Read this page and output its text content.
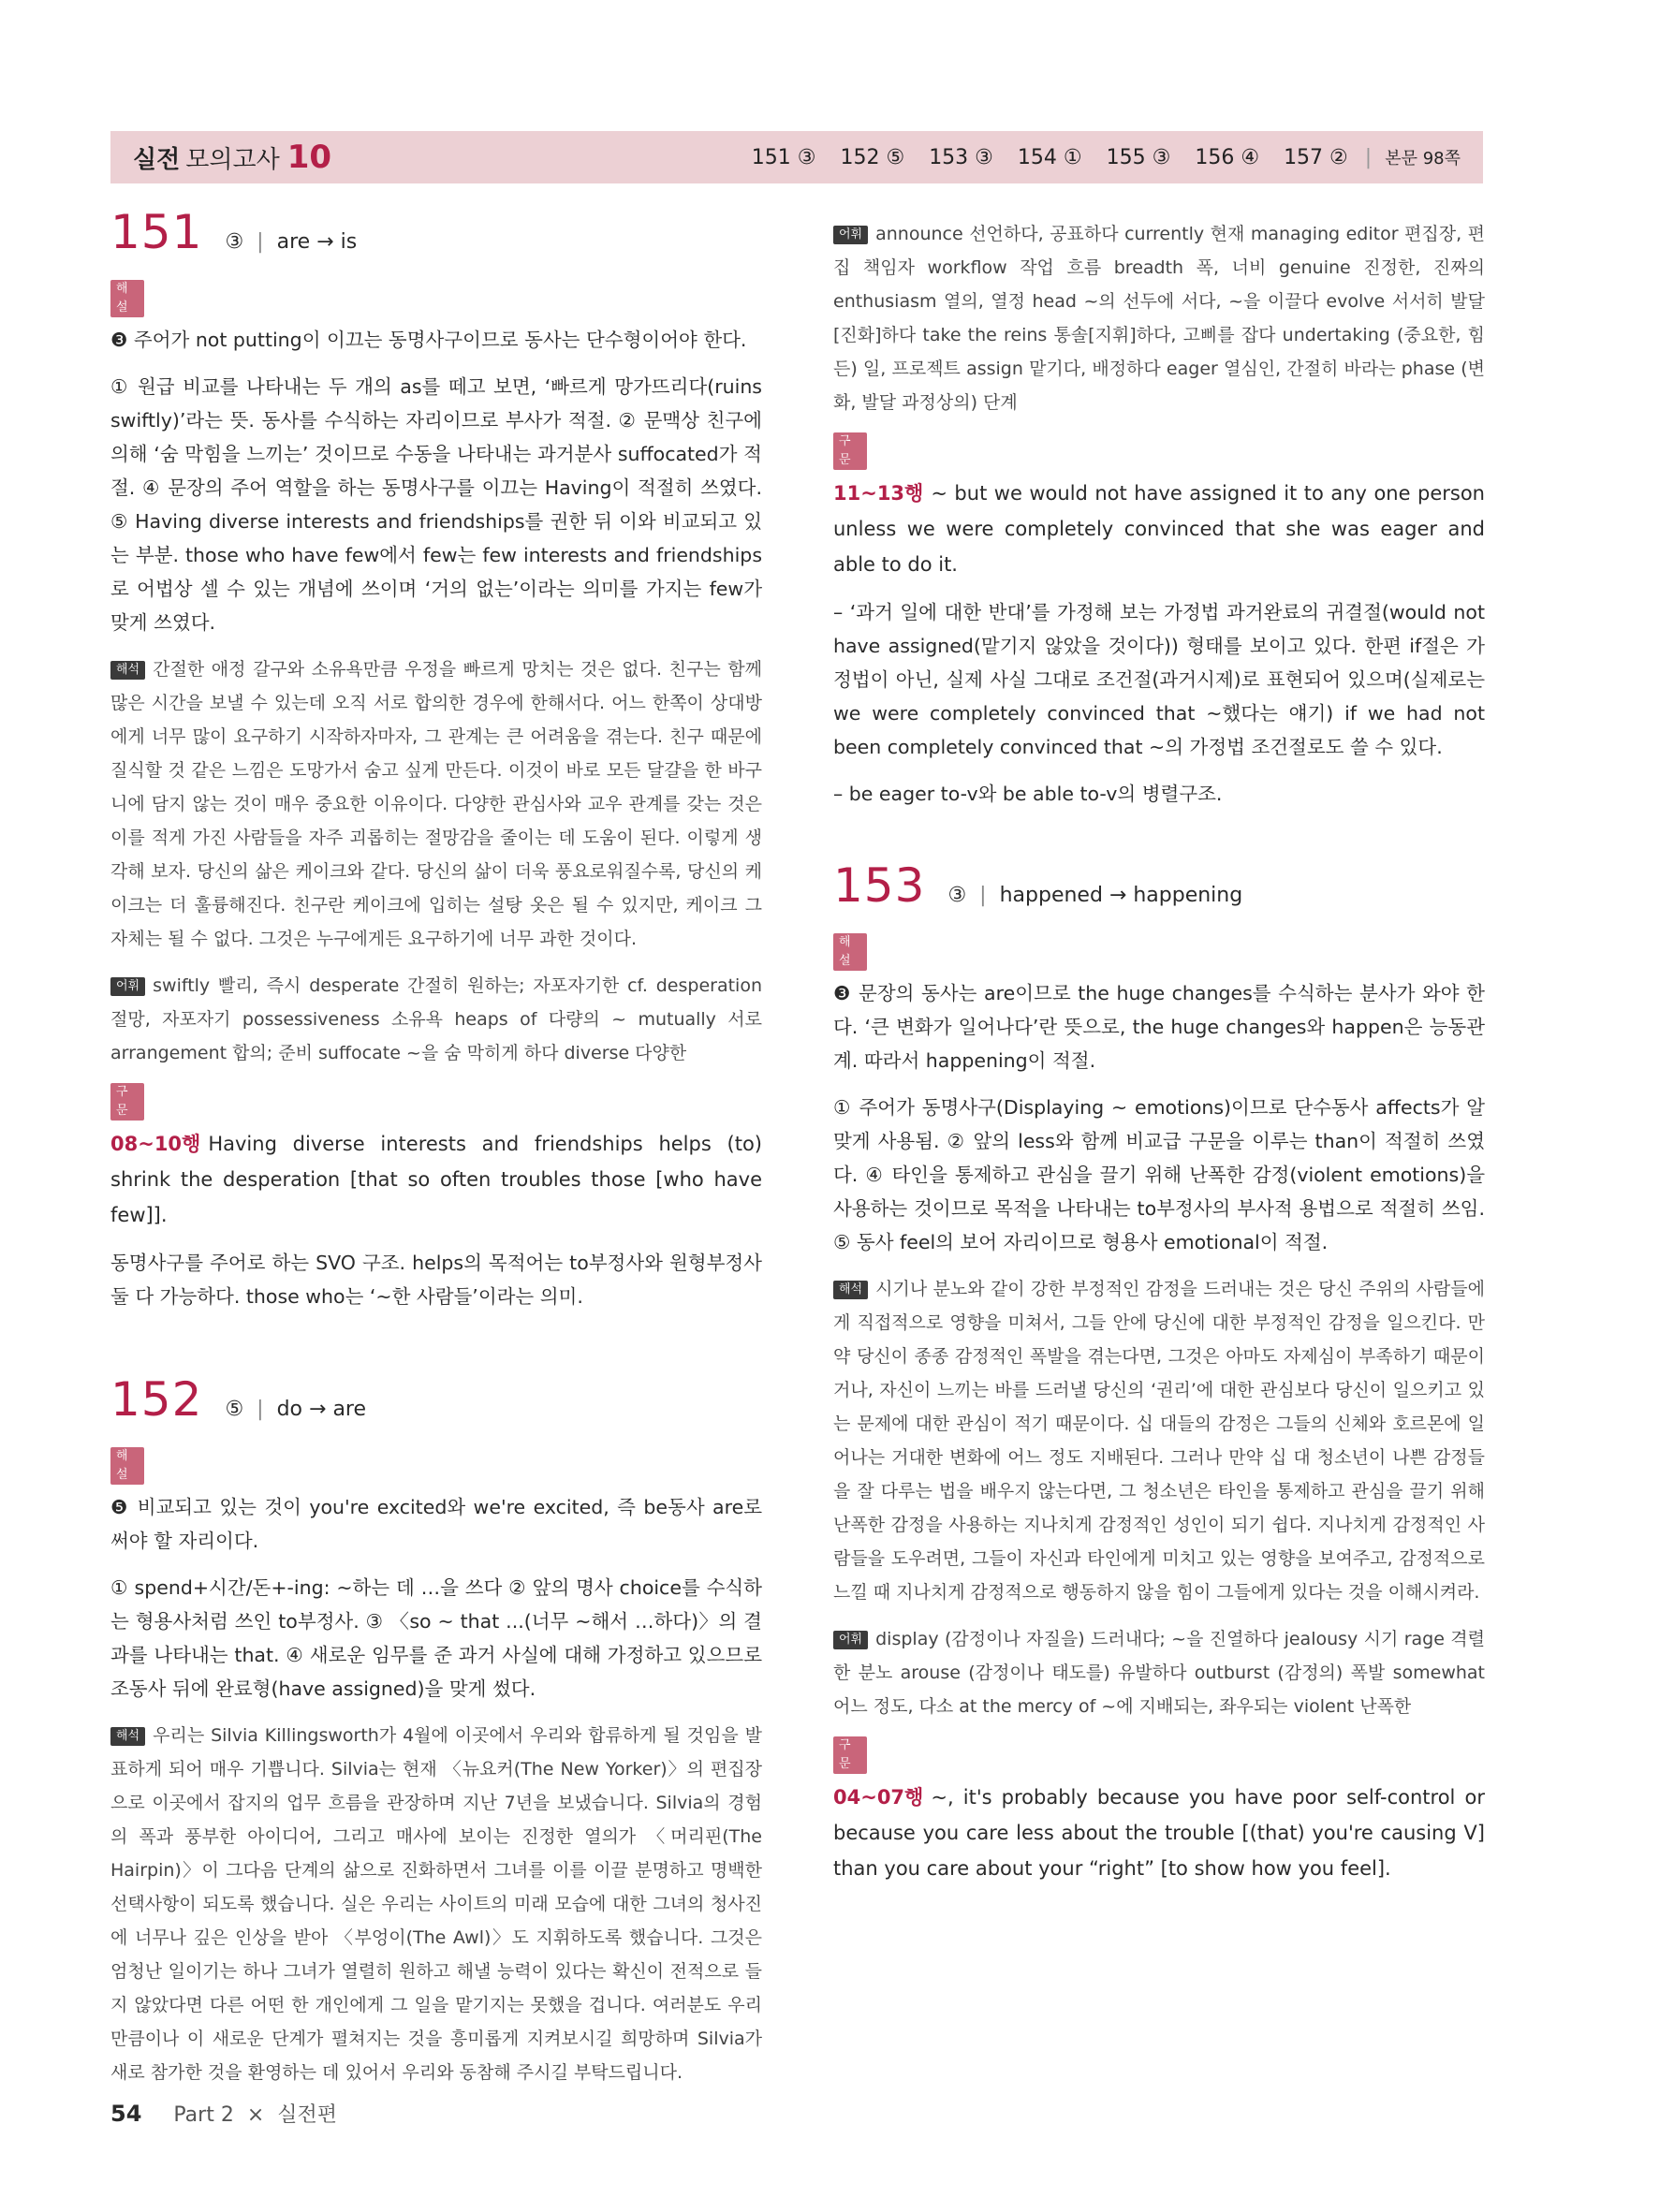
실전 모의고사 10	151 ③ 152 ⑤ 153 ③ 154 ① 155 ③ 156 ④ 157 ② | 본문 98쪽
151 ③ | are → is
해설

❸ 주어가 not putting이 이끄는 동명사구이므로 동사는 단수형이어야 한다.

① 원급 비교를 나타내는 두 개의 as를 떼고 보면, ‘빠르게 망가뜨리다(ruins swiftly)’라는 뜻. 동사를 수식하는 자리이므로 부사가 적절. ② 문맥상 친구에 의해 ‘숨 막힘을 느끼는’ 것이므로 수동을 나타내는 과거분사 suffocated가 적절. ④ 문장의 주어 역할을 하는 동명사구를 이끄는 Having이 적절히 쓰였다. ⑤ Having diverse interests and friendships를 권한 뒤 이와 비교되고 있는 부분. those who have few에서 few는 few interests and friendships로 어법상 셀 수 있는 개념에 쓰이며 ‘거의 없는’이라는 의미를 가지는 few가 맞게 쓰였다.

해석 간절한 애정 갈구와 소유욕만큼 우정을 빠르게 망치는 것은 없다. 친구는 함께 많은 시간을 보낼 수 있는데 오직 서로 합의한 경우에 한해서다. 어느 한쪽이 상대방에게 너무 많이 요구하기 시작하자마자, 그 관계는 큰 어려움을 겪는다. 친구 때문에 질식할 것 같은 느낌은 도망가서 숨고 싶게 만든다. 이것이 바로 모든 달걀을 한 바구니에 담지 않는 것이 매우 중요한 이유이다. 다양한 관심사와 교우 관계를 갖는 것은 이를 적게 가진 사람들을 자주 괴롭히는 절망감을 줄이는 데 도움이 된다. 이렇게 생각해 보자. 당신의 삶은 케이크와 같다. 당신의 삶이 더욱 풍요로워질수록, 당신의 케이크는 더 훌륭해진다. 친구란 케이크에 입히는 설탕 옷은 될 수 있지만, 케이크 그 자체는 될 수 없다. 그것은 누구에게든 요구하기에 너무 과한 것이다.

어휘 swiftly 빨리, 즉시 desperate 간절히 원하는; 자포자기한 cf. desperation 절망, 자포자기 possessiveness 소유욕 heaps of 다량의 ~ mutually 서로 arrangement 합의; 준비 suffocate ~을 숨 막히게 하다 diverse 다양한

구문

08~10행 Having diverse interests and friendships helps (to) shrink the desperation [that so often troubles those [who have few]].

동명사구를 주어로 하는 SVO 구조. helps의 목적어는 to부정사와 원형부정사 둘 다 가능하다. those who는 ‘~한 사람들’이라는 의미.

152 ⑤ | do → are
해설

❺ 비교되고 있는 것이 you're excited와 we're excited, 즉 be동사 are로 써야 할 자리이다.

① spend+시간/돈+-ing: ~하는 데 …을 쓰다 ② 앞의 명사 choice를 수식하는 형용사처럼 쓰인 to부정사. ③ 〈so ~ that ...(너무 ~해서 …하다)〉의 결과를 나타내는 that. ④ 새로운 임무를 준 과거 사실에 대해 가정하고 있으므로 조동사 뒤에 완료형(have assigned)을 맞게 썼다.

해석 우리는 Silvia Killingsworth가 4월에 이곳에서 우리와 합류하게 될 것임을 발표하게 되어 매우 기쁩니다. Silvia는 현재 〈뉴요커(The New Yorker)〉의 편집장으로 이곳에서 잡지의 업무 흐름을 관장하며 지난 7년을 보냈습니다. Silvia의 경험의 폭과 풍부한 아이디어, 그리고 매사에 보이는 진정한 열의가 〈머리핀(The Hairpin)〉이 그다음 단계의 삶으로 진화하면서 그녀를 이를 이끌 분명하고 명백한 선택사항이 되도록 했습니다. 실은 우리는 사이트의 미래 모습에 대한 그녀의 청사진에 너무나 깊은 인상을 받아 〈부엉이(The Awl)〉도 지휘하도록 했습니다. 그것은 엄청난 일이기는 하나 그녀가 열렬히 원하고 해낼 능력이 있다는 확신이 전적으로 들지 않았다면 다른 어떤 한 개인에게 그 일을 맡기지는 못했을 겁니다. 여러분도 우리만큼이나 이 새로운 단계가 펼쳐지는 것을 흥미롭게 지켜보시길 희망하며 Silvia가 새로 참가한 것을 환영하는 데 있어서 우리와 동참해 주시길 부탁드립니다.

어휘 announce 선언하다, 공표하다 currently 현재 managing editor 편집장, 편집 책임자 workflow 작업 흐름 breadth 폭, 너비 genuine 진정한, 진짜의 enthusiasm 열의, 열정 head ~의 선두에 서다, ~을 이끌다 evolve 서서히 발달[진화]하다 take the reins 통솔[지휘]하다, 고삐를 잡다 undertaking (중요한, 힘든) 일, 프로젝트 assign 맡기다, 배정하다 eager 열심인, 간절히 바라는 phase (변화, 발달 과정상의) 단계

구문

11~13행 ~ but we would not have assigned it to any one person unless we were completely convinced that she was eager and able to do it.

– ‘과거 일에 대한 반대’를 가정해 보는 가정법 과거완료의 귀결절(would not have assigned(맡기지 않았을 것이다)) 형태를 보이고 있다. 한편 if절은 가정법이 아닌, 실제 사실 그대로 조건절(과거시제)로 표현되어 있으며(실제로는 we were completely convinced that ~했다는 얘기) if we had not been completely convinced that ~의 가정법 조건절로도 쓸 수 있다.

– be eager to-v와 be able to-v의 병렬구조.

153 ③ | happened → happening
해설

❸ 문장의 동사는 are이므로 the huge changes를 수식하는 분사가 와야 한다. ‘큰 변화가 일어나다’란 뜻으로, the huge changes와 happen은 능동관계. 따라서 happening이 적절.

① 주어가 동명사구(Displaying ~ emotions)이므로 단수동사 affects가 알맞게 사용됨. ② 앞의 less와 함께 비교급 구문을 이루는 than이 적절히 쓰였다. ④ 타인을 통제하고 관심을 끌기 위해 난폭한 감정(violent emotions)을 사용하는 것이므로 목적을 나타내는 to부정사의 부사적 용법으로 적절히 쓰임. ⑤ 동사 feel의 보어 자리이므로 형용사 emotional이 적절.

해석 시기나 분노와 같이 강한 부정적인 감정을 드러내는 것은 당신 주위의 사람들에게 직접적으로 영향을 미쳐서, 그들 안에 당신에 대한 부정적인 감정을 일으킨다. 만약 당신이 종종 감정적인 폭발을 겪는다면, 그것은 아마도 자제심이 부족하기 때문이거나, 자신이 느끼는 바를 드러낼 당신의 ‘권리’에 대한 관심보다 당신이 일으키고 있는 문제에 대한 관심이 적기 때문이다. 십 대들의 감정은 그들의 신체와 호르몬에 일어나는 거대한 변화에 어느 정도 지배된다. 그러나 만약 십 대 청소년이 나쁜 감정들을 잘 다루는 법을 배우지 않는다면, 그 청소년은 타인을 통제하고 관심을 끌기 위해 난폭한 감정을 사용하는 지나치게 감정적인 성인이 되기 쉽다. 지나치게 감정적인 사람들을 도우려면, 그들이 자신과 타인에게 미치고 있는 영향을 보여주고, 감정적으로 느낄 때 지나치게 감정적으로 행동하지 않을 힘이 그들에게 있다는 것을 이해시켜라.

어휘 display (감정이나 자질을) 드러내다; ~을 진열하다 jealousy 시기 rage 격렬한 분노 arouse (감정이나 태도를) 유발하다 outburst (감정의) 폭발 somewhat 어느 정도, 다소 at the mercy of ~에 지배되는, 좌우되는 violent 난폭한

구문

04~07행 ~, it's probably because you have poor self-control or because you care less about the trouble [(that) you're causing V] than you care about your “right” [to show how you feel].

54 Part 2 × 실전편
